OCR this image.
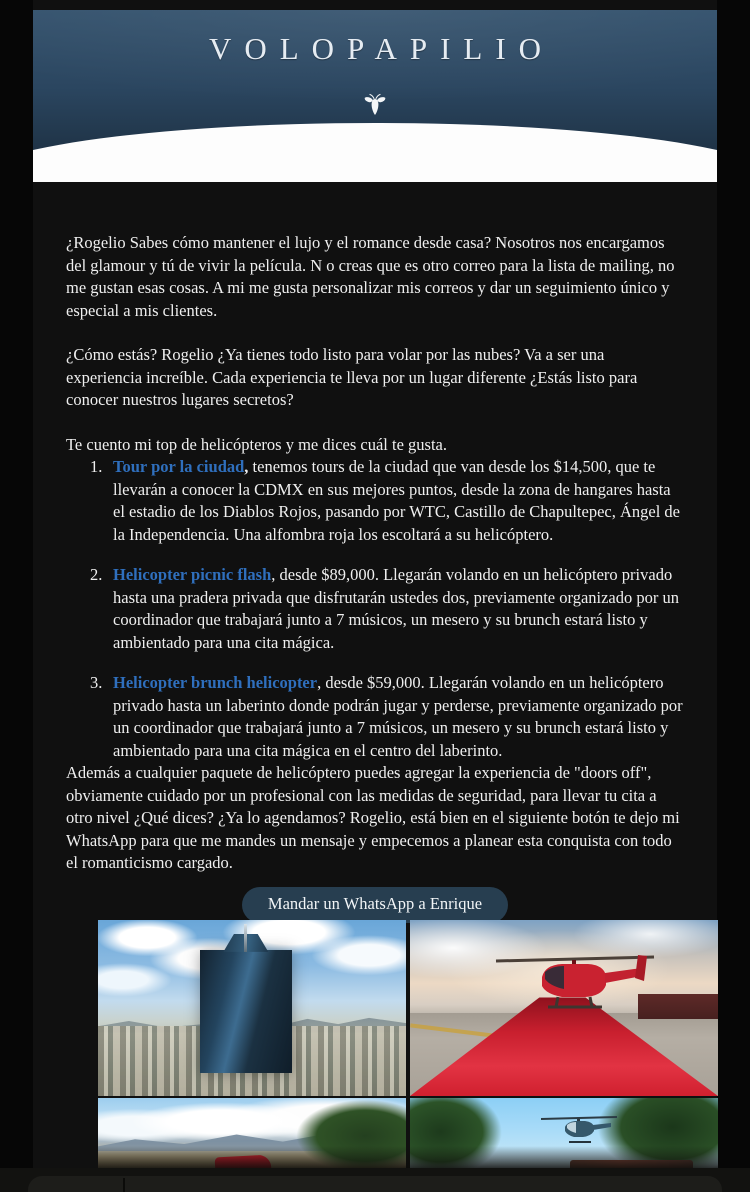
VOLOPAPILIO

¿Rogelio Sabes cómo mantener el lujo y el romance desde casa? Nosotros nos encargamos del glamour y tú de vivir la película. N o creas que es otro correo para la lista de mailing, no me gustan esas cosas. A mi me gusta personalizar mis correos y dar un seguimiento único y especial a mis clientes.

¿Cómo estás? Rogelio ¿Ya tienes todo listo para volar por las nubes? Va a ser una experiencia increíble. Cada experiencia te lleva por un lugar diferente ¿Estás listo para conocer nuestros lugares secretos?

Te cuento mi top de helicópteros y me dices cuál te gusta.

1. Tour por la ciudad, tenemos tours de la ciudad que van desde los $14,500, que te llevarán a conocer la CDMX en sus mejores puntos, desde la zona de hangares hasta el estadio de los Diablos Rojos, pasando por WTC, Castillo de Chapultepec, Ángel de la Independencia. Una alfombra roja los escoltará a su helicóptero.
2. Helicopter picnic flash, desde $89,000. Llegarán volando en un helicóptero privado hasta una pradera privada que disfrutarán ustedes dos, previamente organizado por un coordinador que trabajará junto a 7 músicos, un mesero y su brunch estará listo y ambientado para una cita mágica.
3. Helicopter brunch helicopter, desde $59,000. Llegarán volando en un helicóptero privado hasta un laberinto donde podrán jugar y perderse, previamente organizado por un coordinador que trabajará junto a 7 músicos, un mesero y su brunch estará listo y ambientado para una cita mágica en el centro del laberinto.

Además a cualquier paquete de helicóptero puedes agregar la experiencia de "doors off", obviamente cuidado por un profesional con las medidas de seguridad, para llevar tu cita a otro nivel ¿Qué dices? ¿Ya lo agendamos? Rogelio, está bien en el siguiente botón te dejo mi WhatsApp para que me mandes un mensaje y empecemos a planear esta conquista con todo el romanticismo cargado.

Mandar un WhatsApp a Enrique
